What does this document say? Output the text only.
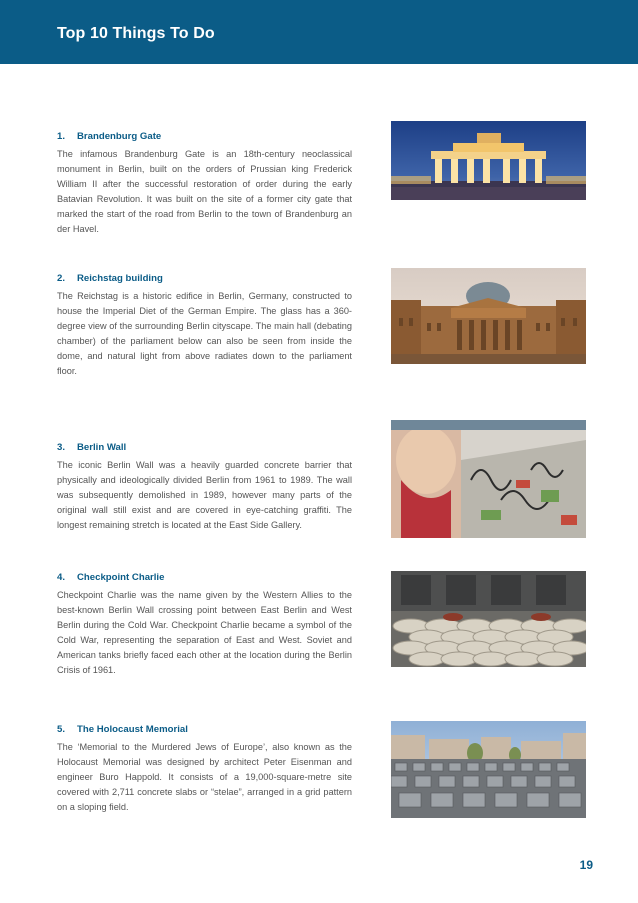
Top 10 Things To Do
1. Brandenburg Gate
The infamous Brandenburg Gate is an 18th-century neoclassical monument in Berlin, built on the orders of Prussian king Frederick William II after the successful restoration of order during the early Batavian Revolution. It was built on the site of a former city gate that marked the start of the road from Berlin to the town of Brandenburg an der Havel.
2. Reichstag building
The Reichstag is a historic edifice in Berlin, Germany, constructed to house the Imperial Diet of the German Empire. The glass has a 360-degree view of the surrounding Berlin cityscape. The main hall (debating chamber) of the parliament below can also be seen from inside the dome, and natural light from above radiates down to the parliament floor.
3. Berlin Wall
The iconic Berlin Wall was a heavily guarded concrete barrier that physically and ideologically divided Berlin from 1961 to 1989. The wall was subsequently demolished in 1989, however many parts of the original wall still exist and are covered in eye-catching graffiti. The longest remaining stretch is located at the East Side Gallery.
4. Checkpoint Charlie
Checkpoint Charlie was the name given by the Western Allies to the best-known Berlin Wall crossing point between East Berlin and West Berlin during the Cold War. Checkpoint Charlie became a symbol of the Cold War, representing the separation of East and West. Soviet and American tanks briefly faced each other at the location during the Berlin Crisis of 1961.
5. The Holocaust Memorial
The ‘Memorial to the Murdered Jews of Europe’, also known as the Holocaust Memorial was designed by architect Peter Eisenman and engineer Buro Happold. It consists of a 19,000-square-metre site covered with 2,711 concrete slabs or “stelae”, arranged in a grid pattern on a sloping field.
19
